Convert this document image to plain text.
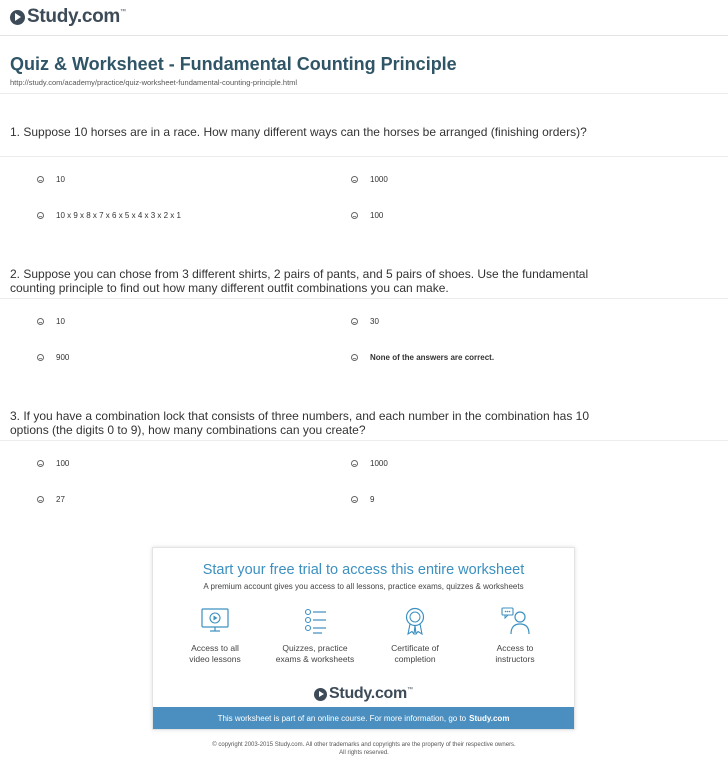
Study.com ™
Quiz & Worksheet - Fundamental Counting Principle
http://study.com/academy/practice/quiz-worksheet-fundamental-counting-principle.html
1. Suppose 10 horses are in a race. How many different ways can the horses be arranged (finishing orders)?
10	1000
10 x 9 x 8 x 7 x 6 x 5 x 4 x 3 x 2 x 1	100
2. Suppose you can chose from 3 different shirts, 2 pairs of pants, and 5 pairs of shoes. Use the fundamental counting principle to find out how many different outfit combinations you can make.
10	30
900	None of the answers are correct.
3. If you have a combination lock that consists of three numbers, and each number in the combination has 10 options (the digits 0 to 9), how many combinations can you create?
100	1000
27	9
Start your free trial to access this entire worksheet
A premium account gives you access to all lessons, practice exams, quizzes & worksheets
Access to all
video lessons
Quizzes, practice
exams & worksheets
Certificate of
completion
Access to
instructors
Study.com ™
This worksheet is part of an online course. For more information, go to Study.com
© copyright 2003-2015 Study.com. All other trademarks and copyrights are the property of their respective owners.
All rights reserved.
